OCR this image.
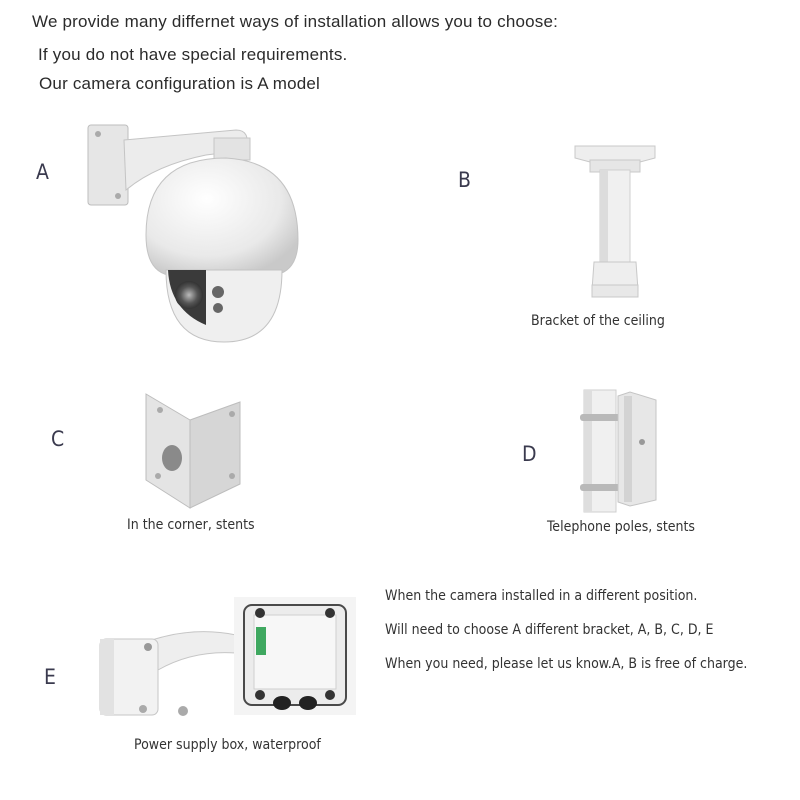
We provide many differnet ways of installation allows you to choose:
If you do not have special requirements.
Our camera configuration is A model
A	B
Bracket of the ceiling
C
In the corner, stents
D
Telephone poles, stents
E
Power supply box, waterproof
When the camera installed in a different position.
Will need to choose A different bracket, A, B, C, D, E
When you need, please let us know.A, B is free of charge.
